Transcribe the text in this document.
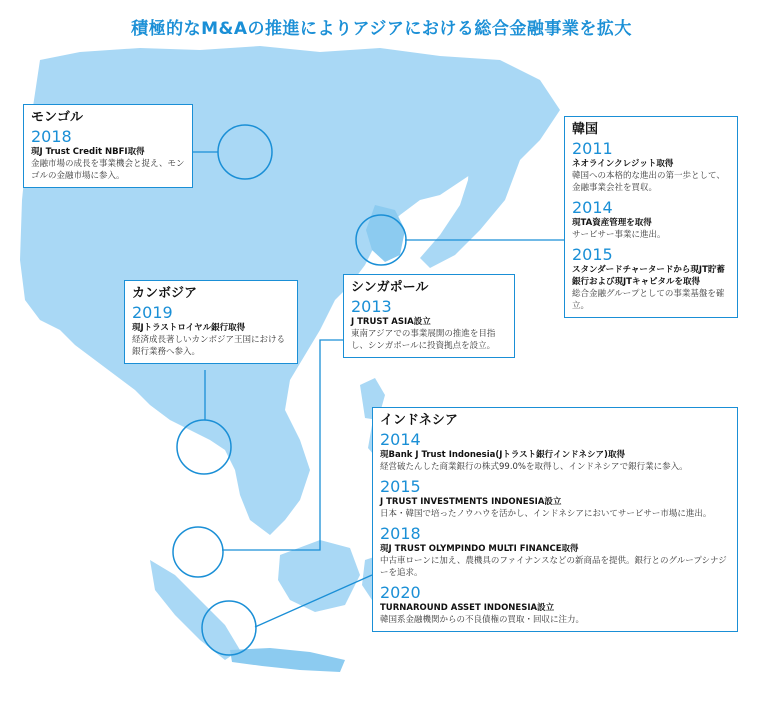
積極的なM&Aの推進によりアジアにおける総合金融事業を拡大
モンゴル
2018
現J Trust Credit NBFI取得
金融市場の成長を事業機会と捉え、モンゴルの金融市場に参入。
韓国
2011
ネオラインクレジット取得
韓国への本格的な進出の第一歩として、金融事業会社を買収。
2014
現TA資産管理を取得
サービサー事業に進出。
2015
スタンダードチャータードから現JT貯蓄銀行および現JTキャピタルを取得
総合金融グループとしての事業基盤を確立。
カンボジア
2019
現Jトラストロイヤル銀行取得
経済成長著しいカンボジア王国における銀行業務へ参入。
シンガポール
2013
J TRUST ASIA設立
東南アジアでの事業展開の推進を目指し、シンガポールに投資拠点を設立。
インドネシア
2014
現Bank J Trust Indonesia(Jトラスト銀行インドネシア)取得
経営破たんした商業銀行の株式99.0%を取得し、インドネシアで銀行業に参入。
2015
J TRUST INVESTMENTS INDONESIA設立
日本・韓国で培ったノウハウを活かし、インドネシアにおいてサービサー市場に進出。
2018
現J TRUST OLYMPINDO MULTI FINANCE取得
中古車ローンに加え、農機具のファイナンスなどの新商品を提供。銀行とのグループシナジーを追求。
2020
TURNAROUND ASSET INDONESIA設立
韓国系金融機関からの不良債権の買取・回収に注力。
